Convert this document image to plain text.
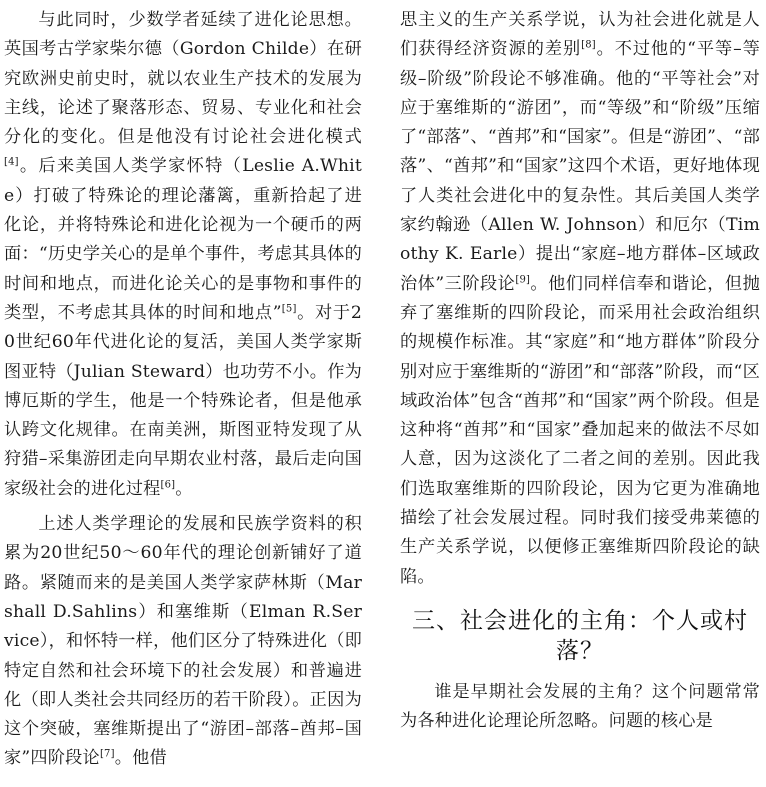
与此同时，少数学者延续了进化论思想。英国考古学家柴尔德（Gordon Childe）在研究欧洲史前史时，就以农业生产技术的发展为主线，论述了聚落形态、贸易、专业化和社会分化的变化。但是他没有讨论社会进化模式[4]。后来美国人类学家怀特（Leslie A.White）打破了特殊论的理论藩篱，重新拾起了进化论，并将特殊论和进化论视为一个硬币的两面：“历史学关心的是单个事件，考虑其具体的时间和地点，而进化论关心的是事物和事件的类型，不考虑其具体的时间和地点”[5]。对于20世纪60年代进化论的复活，美国人类学家斯图亚特（Julian Steward）也功劳不小。作为博厄斯的学生，他是一个特殊论者，但是他承认跨文化规律。在南美洲，斯图亚特发现了从狩猎–采集游团走向早期农业村落，最后走向国家级社会的进化过程[6]。

上述人类学理论的发展和民族学资料的积累为20世纪50～60年代的理论创新铺好了道路。紧随而来的是美国人类学家萨林斯（Marshall D.Sahlins）和塞维斯（Elman R.Service），和怀特一样，他们区分了特殊进化（即特定自然和社会环境下的社会发展）和普遍进化（即人类社会共同经历的若干阶段）。正因为这个突破，塞维斯提出了“游团–部落–酋邦–国家”四阶段论[7]。他借

思主义的生产关系学说，认为社会进化就是人们获得经济资源的差别[8]。不过他的“平等–等级–阶级”阶段论不够准确。他的“平等社会”对应于塞维斯的“游团”，而“等级”和“阶级”压缩了“部落”、“酋邦”和“国家”。但是“游团”、“部落”、“酋邦”和“国家”这四个术语，更好地体现了人类社会进化中的复杂性。其后美国人类学家约翰逊（Allen W. Johnson）和厄尔（Timothy K. Earle）提出“家庭–地方群体–区域政治体”三阶段论[9]。他们同样信奉和谐论，但抛弃了塞维斯的四阶段论，而采用社会政治组织的规模作标准。其“家庭”和“地方群体”阶段分别对应于塞维斯的“游团”和“部落”阶段，而“区域政治体”包含“酋邦”和“国家”两个阶段。但是这种将“酋邦”和“国家”叠加起来的做法不尽如人意，因为这淡化了二者之间的差别。因此我们选取塞维斯的四阶段论，因为它更为准确地描绘了社会发展过程。同时我们接受弗莱德的生产关系学说，以便修正塞维斯四阶段论的缺陷。

三、社会进化的主角：个人或村落？

谁是早期社会发展的主角？这个问题常常为各种进化论理论所忽略。问题的核心是
